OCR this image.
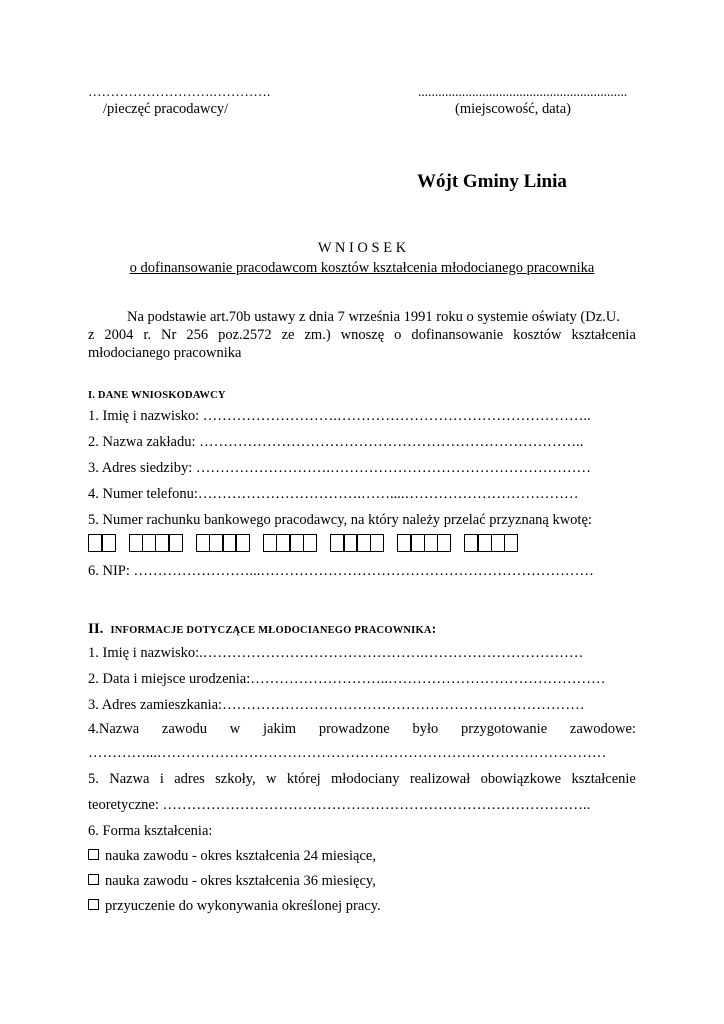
……………………….………….
/pieczęć pracodawcy/
..............................................................
(miejscowość, data)
Wójt Gminy Linia
W N I O S E K
o dofinansowanie pracodawcom kosztów kształcenia młodocianego pracownika
Na podstawie art.70b ustawy z dnia 7 września 1991 roku o systemie oświaty (Dz.U.
z 2004 r. Nr 256 poz.2572 ze zm.) wnoszę o dofinansowanie kosztów kształcenia
młodocianego pracownika
I. DANE WNIOSKODAWCY
1. Imię i nazwisko: ……………………….……………………………………………..
2. Nazwa zakładu: ……………………………………………………………………..
3. Adres siedziby: ……………………….………………………………………………
4. Numer telefonu:…………………………….……....………………………………
5. Numer rachunku bankowego pracodawcy, na który należy przelać przyznaną kwotę:
6. NIP: ……………………...……………………………………………………………
II. INFORMACJE DOTYCZĄCE MŁODOCIANEGO PRACOWNIKA:
1. Imię i nazwisko:.……………………………………….……………………………
2. Data i miejsce urodzenia:………………………..………………………………………
3. Adres zamieszkania:…………………………………………………………………
4.Nazwa zawodu w jakim prowadzone było przygotowanie zawodowe:
…………...…………………………………………………………………………………
5. Nazwa i adres szkoły, w której młodociany realizował obowiązkowe kształcenie
teoretyczne: ……………………………………………………………………………..
6. Forma kształcenia:
nauka zawodu - okres kształcenia 24 miesiące,
nauka zawodu - okres kształcenia 36 miesięcy,
przyuczenie do wykonywania określonej pracy.
